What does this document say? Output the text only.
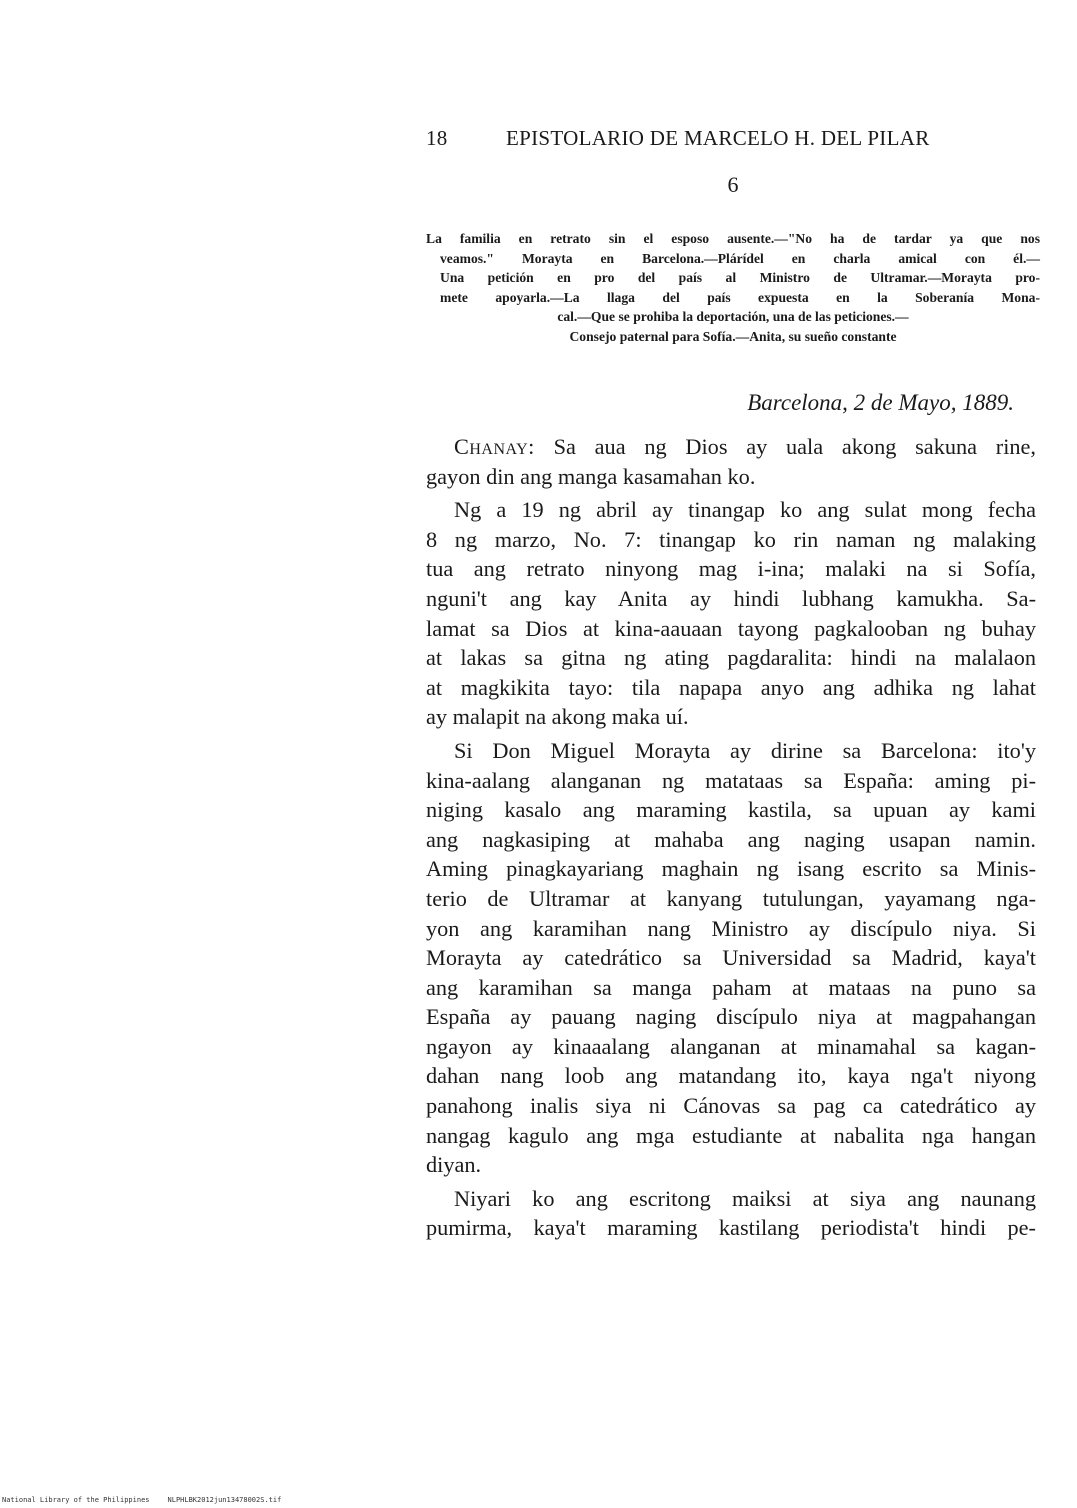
18	EPISTOLARIO DE MARCELO H. DEL PILAR
6
La familia en retrato sin el esposo ausente.—"No ha de tardar ya que nos
veamos." Morayta en Barcelona.—Plárídel en charla amical con él.—
Una petición en pro del país al Ministro de Ultramar.—Morayta pro-
mete apoyarla.—La llaga del país expuesta en la Soberanía Mona-
cal.—Que se prohiba la deportación, una de las peticiones.—
Consejo paternal para Sofía.—Anita, su sueño constante
Barcelona, 2 de Mayo, 1889.
Chanay: Sa aua ng Dios ay uala akong sakuna rine,
gayon din ang manga kasamahan ko.
Ng a 19 ng abril ay tinangap ko ang sulat mong fecha
8 ng marzo, No. 7: tinangap ko rin naman ng malaking
tua ang retrato ninyong mag i-ina; malaki na si Sofía,
nguni't ang kay Anita ay hindi lubhang kamukha. Sa-
lamat sa Dios at kina-aauaan tayong pagkalooban ng buhay
at lakas sa gitna ng ating pagdaralita: hindi na malalaon
at magkikita tayo: tila napapa anyo ang adhika ng lahat
ay malapit na akong maka uí.
Si Don Miguel Morayta ay dirine sa Barcelona: ito'y
kina-aalang alanganan ng matataas sa España: aming pi-
niging kasalo ang maraming kastila, sa upuan ay kami
ang nagkasiping at mahaba ang naging usapan namin.
Aming pinagkayariang maghain ng isang escrito sa Minis-
terio de Ultramar at kanyang tutulungan, yayamang nga-
yon ang karamihan nang Ministro ay discípulo niya. Si
Morayta ay catedrático sa Universidad sa Madrid, kaya't
ang karamihan sa manga paham at mataas na puno sa
España ay pauang naging discípulo niya at magpahangan
ngayon ay kinaaalang alanganan at minamahal sa kagan-
dahan nang loob ang matandang ito, kaya nga't niyong
panahong inalis siya ni Cánovas sa pag ca catedrático ay
nangag kagulo ang mga estudiante at nabalita nga hangan
diyan.
Niyari ko ang escritong maiksi at siya ang naunang
pumirma, kaya't maraming kastilang periodista't hindi pe-
National Library of the Philippines	NLPHLBK2012jun13478002S.tif
